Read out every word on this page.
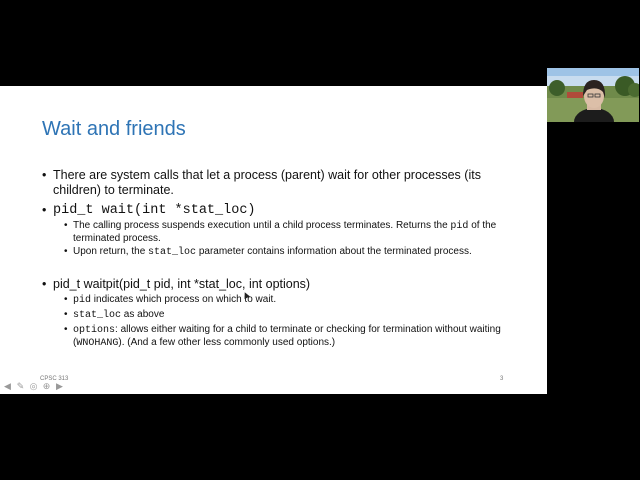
Wait and friends
• There are system calls that let a process (parent) wait for other processes (its children) to terminate.
• pid_t wait(int *stat_loc)
• The calling process suspends execution until a child process terminates. Returns the pid of the terminated process.
• Upon return, the stat_loc parameter contains information about the terminated process.
• pid_t waitpit(pid_t pid, int *stat_loc, int options)
• pid indicates which process on which to wait.
• stat_loc as above
• options: allows either waiting for a child to terminate or checking for termination without waiting (WNOHANG). (And a few other less commonly used options.)
CPSC 313	3
◀ ✎ ◎ ⊕ ▶
